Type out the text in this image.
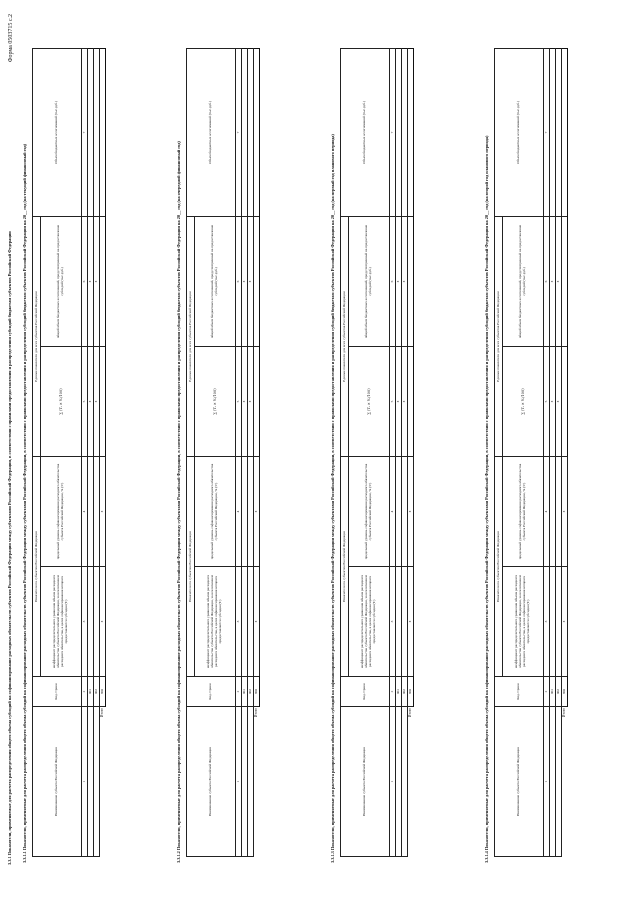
Форма 0503715 с.2
3.3.1 Показатели, применяемые для расчета распределения общего объема субсидий на софинансирование расходных обязательств субъектов Российской Федерации между субъектами Российской Федерации, в соответствии с правилами предоставления и распределения субсидий бюджетам субъектов Российской Федерации 3.3.1.1 Показатели, применяемые для расчета распределения общего объема субсидий на софинансирование расходных обязательств субъектов Российской Федерации между субъектами Российской Федерации, в соответствии с правилами предоставления и распределения субсидий бюджетам субъектов Российской Федерации на 20__ год (на текущий финансовый год)	Наименование субъекта Российской Федерации	Код строки	Показатели по субъектам Российской Федерации		Единые показатели для всех субъектов Российской Федерации		Объем бюджетных ассигнований (тыс.руб.)
		коэффициент распределительного уравнения объема расходного обязательства субъекта Российской Федерации, за исключением расходного обязательства, в целях софинансирования которого предоставляется субсидия (Тᵢ)	предельный уровень софинансирования расходного обязательства субъекта Российской Федерации, % (Уᵢ)	∑ (Tᵢ × Уᵢ/100)	общий объем бюджетных ассигнований, предусмотренный на предоставление субсидий (тыс.руб.)	
1	2	3	4	5	6	7
	001			x	x	
	002			x	x	
Итого	900	x	x				3.3.1.2 Показатели, применяемые для расчета распределения общего объема субсидий на софинансирование расходных обязательств субъектов Российской Федерации между субъектами Российской Федерации, в соответствии с правилами предоставления и распределения субсидий бюджетам субъектов Российской Федерации на 20__ год (на очередной финансовый год)	Наименование субъекта Российской Федерации	Код строки	Показатели по субъектам Российской Федерации		Единые показатели для всех субъектов Российской Федерации		Объем бюджетных ассигнований (тыс.руб.)
		коэффициент распределительного уравнения объема расходного обязательства субъекта Российской Федерации, за исключением расходного обязательства, в целях софинансирования которого предоставляется субсидия (Тᵢ)	предельный уровень софинансирования расходного обязательства субъекта Российской Федерации, % (Уᵢ)	∑ (Tᵢ × Уᵢ/100)	общий объем бюджетных ассигнований, предусмотренный на предоставление субсидий (тыс.руб.)	
1	2	3	4	5	6	7
	001			x	x	
	002			x	x	
Итого	900	x	x				3.3.1.3 Показатели, применяемые для расчета распределения общего объема субсидий на софинансирование расходных обязательств субъектов Российской Федерации между субъектами Российской Федерации, в соответствии с правилами предоставления и распределения субсидий бюджетам субъектов Российской Федерации на 20__ год (на первый год планового периода)	Наименование субъекта Российской Федерации	Код строки	Показатели по субъектам Российской Федерации		Единые показатели для всех субъектов Российской Федерации		Объем бюджетных ассигнований (тыс.руб.)
		коэффициент распределительного уравнения объема расходного обязательства субъекта Российской Федерации, за исключением расходного обязательства, в целях софинансирования которого предоставляется субсидия (Тᵢ)	предельный уровень софинансирования расходного обязательства субъекта Российской Федерации, % (Уᵢ)	∑ (Tᵢ × Уᵢ/100)	общий объем бюджетных ассигнований, предусмотренный на предоставление субсидий (тыс.руб.)	
1	2	3	4	5	6	7
	001			x	x	
	002			x	x	
Итого	900	x	x				3.3.1.4 Показатели, применяемые для расчета распределения общего объема субсидий на софинансирование расходных обязательств субъектов Российской Федерации между субъектами Российской Федерации, в соответствии с правилами предоставления и распределения субсидий бюджетам субъектов Российской Федерации на 20__ год (на второй год планового периода)	Наименование субъекта Российской Федерации	Код строки	Показатели по субъектам Российской Федерации		Единые показатели для всех субъектов Российской Федерации		Объем бюджетных ассигнований (тыс.руб.)
		коэффициент распределительного уравнения объема расходного обязательства субъекта Российской Федерации, за исключением расходного обязательства, в целях софинансирования которого предоставляется субсидия (Тᵢ)	предельный уровень софинансирования расходного обязательства субъекта Российской Федерации, % (Уᵢ)	∑ (Tᵢ × Уᵢ/100)	общий объем бюджетных ассигнований, предусмотренный на предоставление субсидий (тыс.руб.)	
1	2	3	4	5	6	7
	001			x	x	
	002			x	x	
Итого	900	x	x			
